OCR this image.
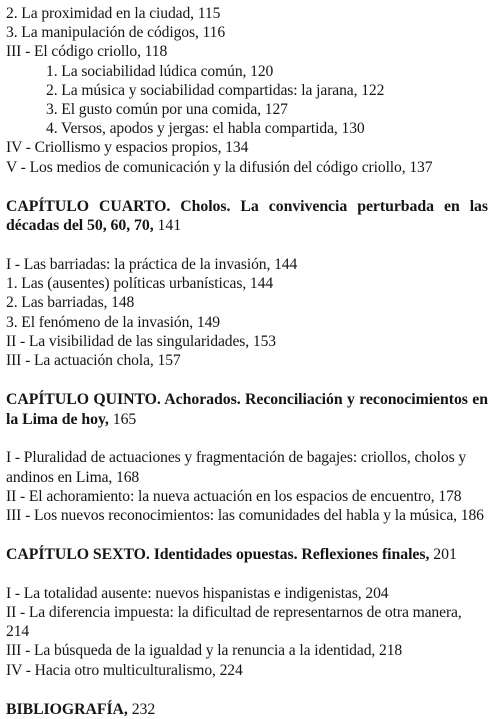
2. La proximidad en la ciudad, 115
3. La manipulación de códigos, 116
III - El código criollo, 118
1. La sociabilidad lúdica común, 120
2. La música y sociabilidad compartidas: la jarana, 122
3. El gusto común por una comida, 127
4. Versos, apodos y jergas: el habla compartida, 130
IV - Criollismo y espacios propios, 134
V - Los medios de comunicación y la difusión del código criollo, 137
CAPÍTULO CUARTO. Cholos. La convivencia perturbada en las décadas del 50, 60, 70, 141
I - Las barriadas: la práctica de la invasión, 144
1. Las (ausentes) políticas urbanísticas, 144
2. Las barriadas, 148
3. El fenómeno de la invasión, 149
II - La visibilidad de las singularidades, 153
III - La actuación chola, 157
CAPÍTULO QUINTO. Achorados. Reconciliación y reconocimientos en la Lima de hoy, 165
I - Pluralidad de actuaciones y fragmentación de bagajes: criollos, cholos y andinos en Lima, 168
II - El achoramiento: la nueva actuación en los espacios de encuentro, 178
III - Los nuevos reconocimientos: las comunidades del habla y la música, 186
CAPÍTULO SEXTO. Identidades opuestas. Reflexiones finales, 201
I - La totalidad ausente: nuevos hispanistas e indigenistas, 204
II - La diferencia impuesta: la dificultad de representarnos de otra manera, 214
III - La búsqueda de la igualdad y la renuncia a la identidad, 218
IV - Hacia otro multiculturalismo, 224
BIBLIOGRAFÍA, 232
